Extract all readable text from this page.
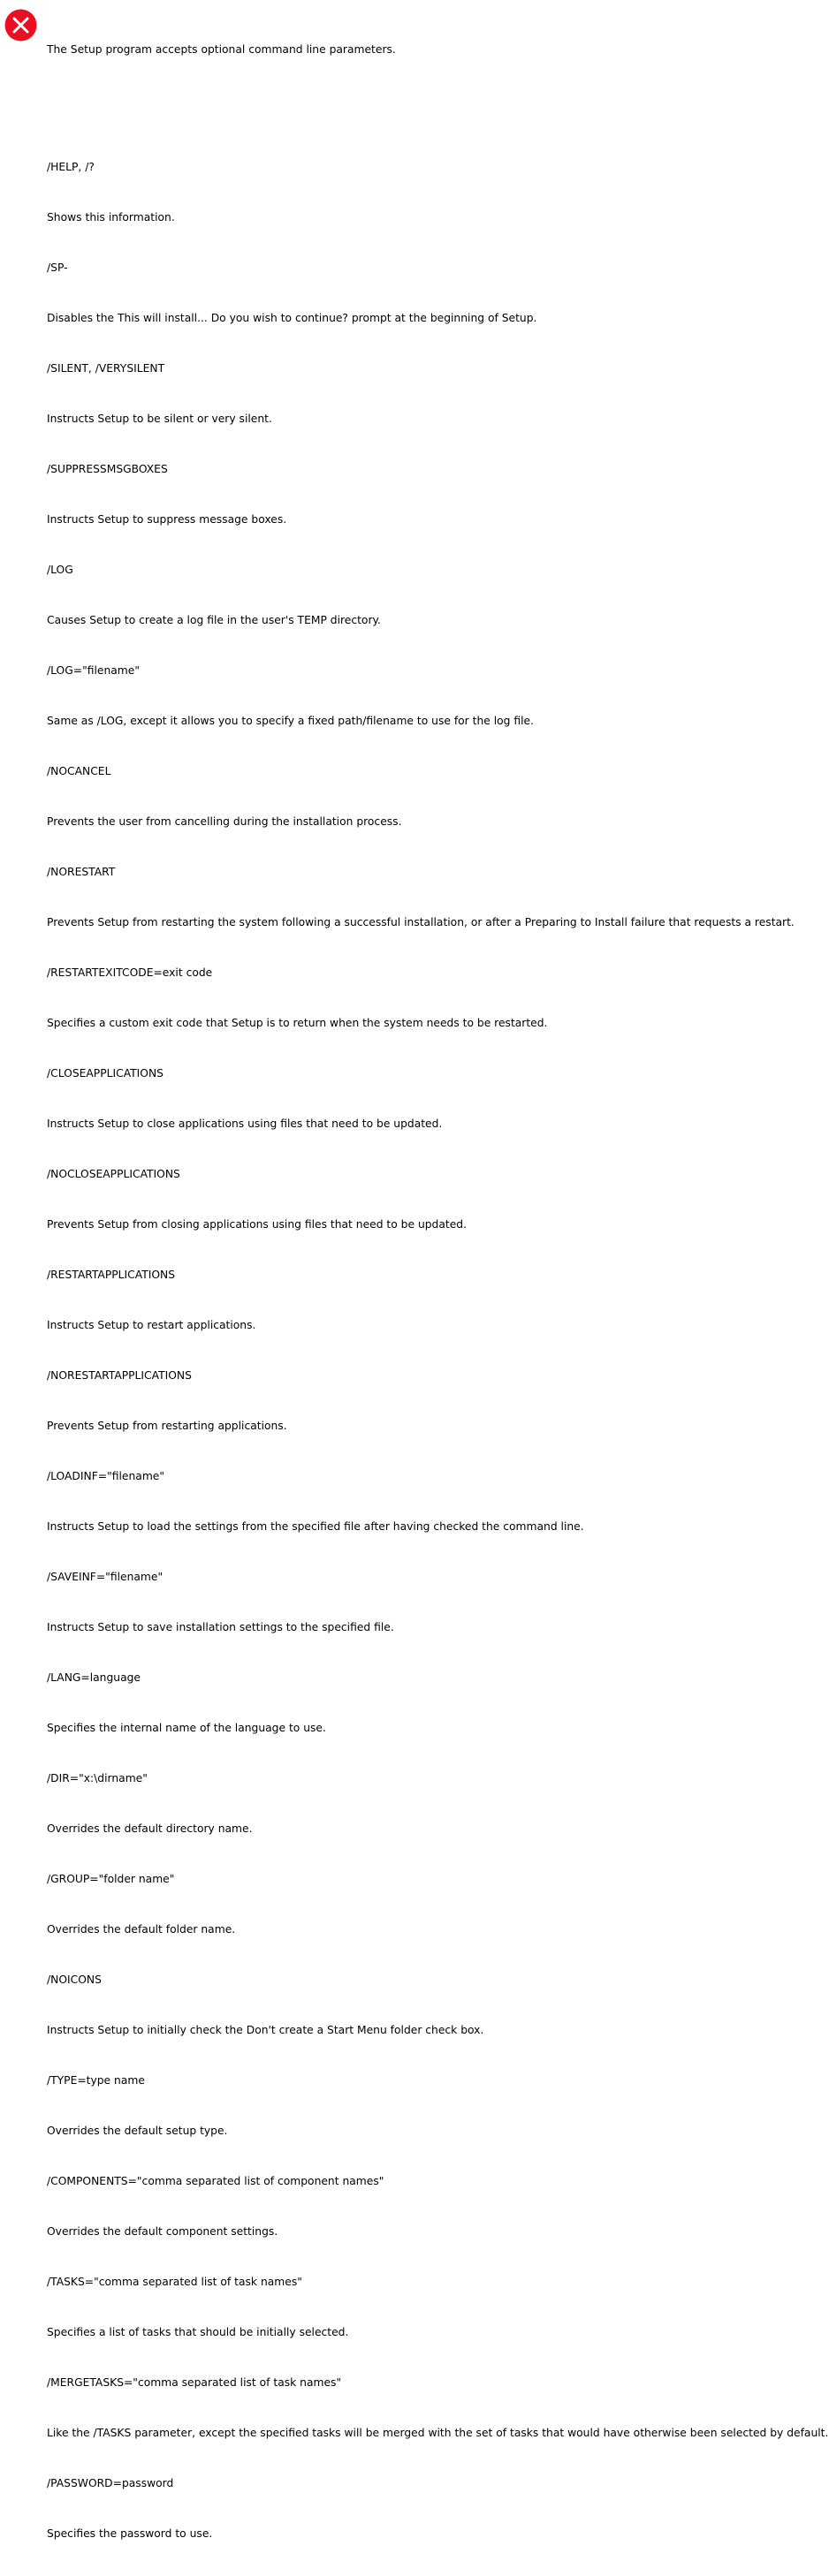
The Setup program accepts optional command line parameters.

/HELP, /?

Shows this information.

/SP-

Disables the This will install... Do you wish to continue? prompt at the beginning of Setup.

/SILENT, /VERYSILENT

Instructs Setup to be silent or very silent.

/SUPPRESSMSGBOXES

Instructs Setup to suppress message boxes.

/LOG

Causes Setup to create a log file in the user's TEMP directory.

/LOG="filename"

Same as /LOG, except it allows you to specify a fixed path/filename to use for the log file.

/NOCANCEL

Prevents the user from cancelling during the installation process.

/NORESTART

Prevents Setup from restarting the system following a successful installation, or after a Preparing to Install failure that requests a restart.

/RESTARTEXITCODE=exit code

Specifies a custom exit code that Setup is to return when the system needs to be restarted.

/CLOSEAPPLICATIONS

Instructs Setup to close applications using files that need to be updated.

/NOCLOSEAPPLICATIONS

Prevents Setup from closing applications using files that need to be updated.

/RESTARTAPPLICATIONS

Instructs Setup to restart applications.

/NORESTARTAPPLICATIONS

Prevents Setup from restarting applications.

/LOADINF="filename"

Instructs Setup to load the settings from the specified file after having checked the command line.

/SAVEINF="filename"

Instructs Setup to save installation settings to the specified file.

/LANG=language

Specifies the internal name of the language to use.

/DIR="x:\dirname"

Overrides the default directory name.

/GROUP="folder name"

Overrides the default folder name.

/NOICONS

Instructs Setup to initially check the Don't create a Start Menu folder check box.

/TYPE=type name

Overrides the default setup type.

/COMPONENTS="comma separated list of component names"

Overrides the default component settings.

/TASKS="comma separated list of task names"

Specifies a list of tasks that should be initially selected.

/MERGETASKS="comma separated list of task names"

Like the /TASKS parameter, except the specified tasks will be merged with the set of tasks that would have otherwise been selected by default.

/PASSWORD=password

Specifies the password to use.
